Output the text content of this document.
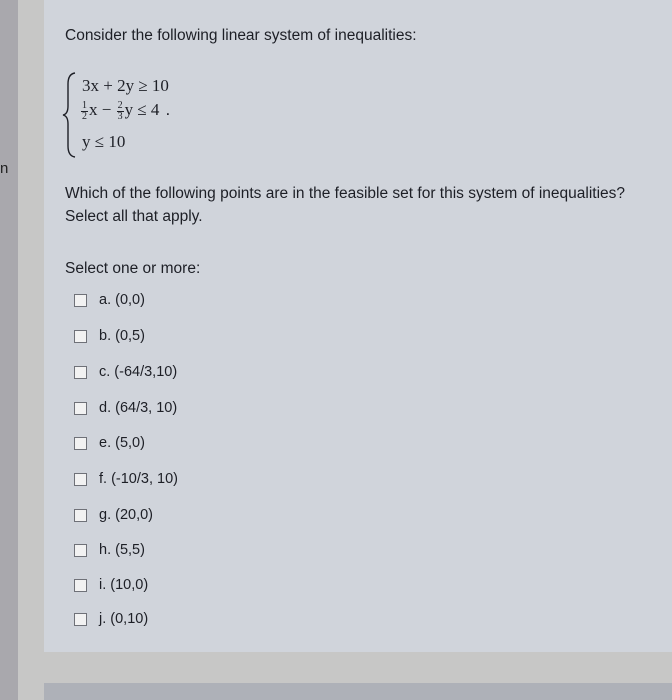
n
Consider the following linear system of inequalities:
3x + 2y ≥ 10
$\frac{1}{2}$ $x - \frac{2}{3}$ y ≤ 4 .
y ≤ 10
Which of the following points are in the feasible set for this system of inequalities? Select all that apply.
Select one or more:
a. (0,0)
b. (0,5)
c. (-64/3,10)
d. (64/3, 10)
e. (5,0)
f. (-10/3, 10)
g. (20,0)
h. (5,5)
i. (10,0)
j. (0,10)
